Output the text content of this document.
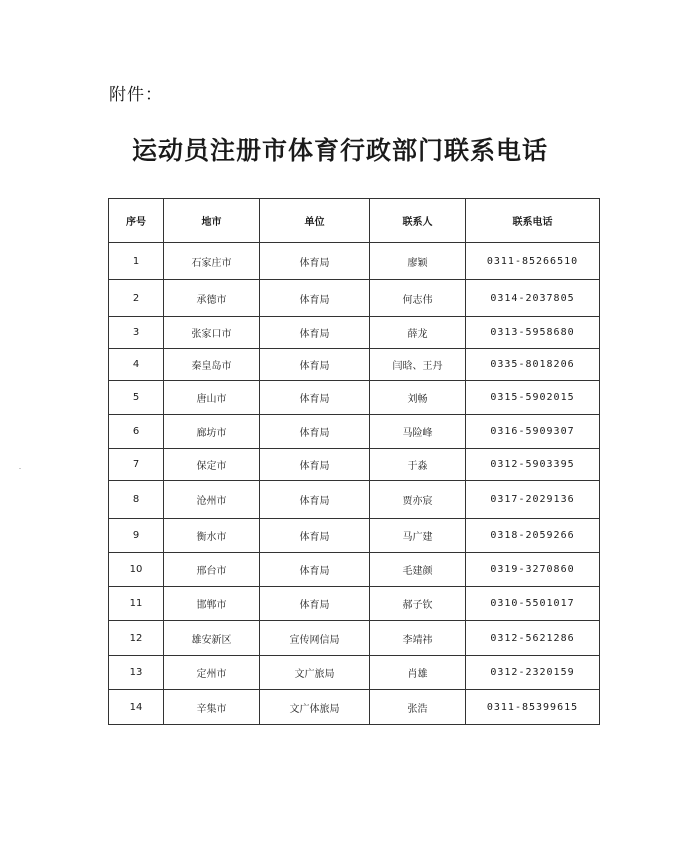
附件：
运动员注册市体育行政部门联系电话
序号	地市	单位	联系人	联系电话
1	石家庄市	体育局	廖颖	0311-85266510
2	承德市	体育局	何志伟	0314-2037805
3	张家口市	体育局	薛龙	0313-5958680
4	秦皇岛市	体育局	闫晗、王丹	0335-8018206
5	唐山市	体育局	刘畅	0315-5902015
6	廊坊市	体育局	马险峰	0316-5909307
7	保定市	体育局	于淼	0312-5903395
8	沧州市	体育局	贾亦宸	0317-2029136
9	衡水市	体育局	马广建	0318-2059266
10	邢台市	体育局	毛建颜	0319-3270860
11	邯郸市	体育局	郝子钦	0310-5501017
12	雄安新区	宣传网信局	李靖祎	0312-5621286
13	定州市	文广旅局	肖雄	0312-2320159
14	辛集市	文广体旅局	张浩	0311-85399615
